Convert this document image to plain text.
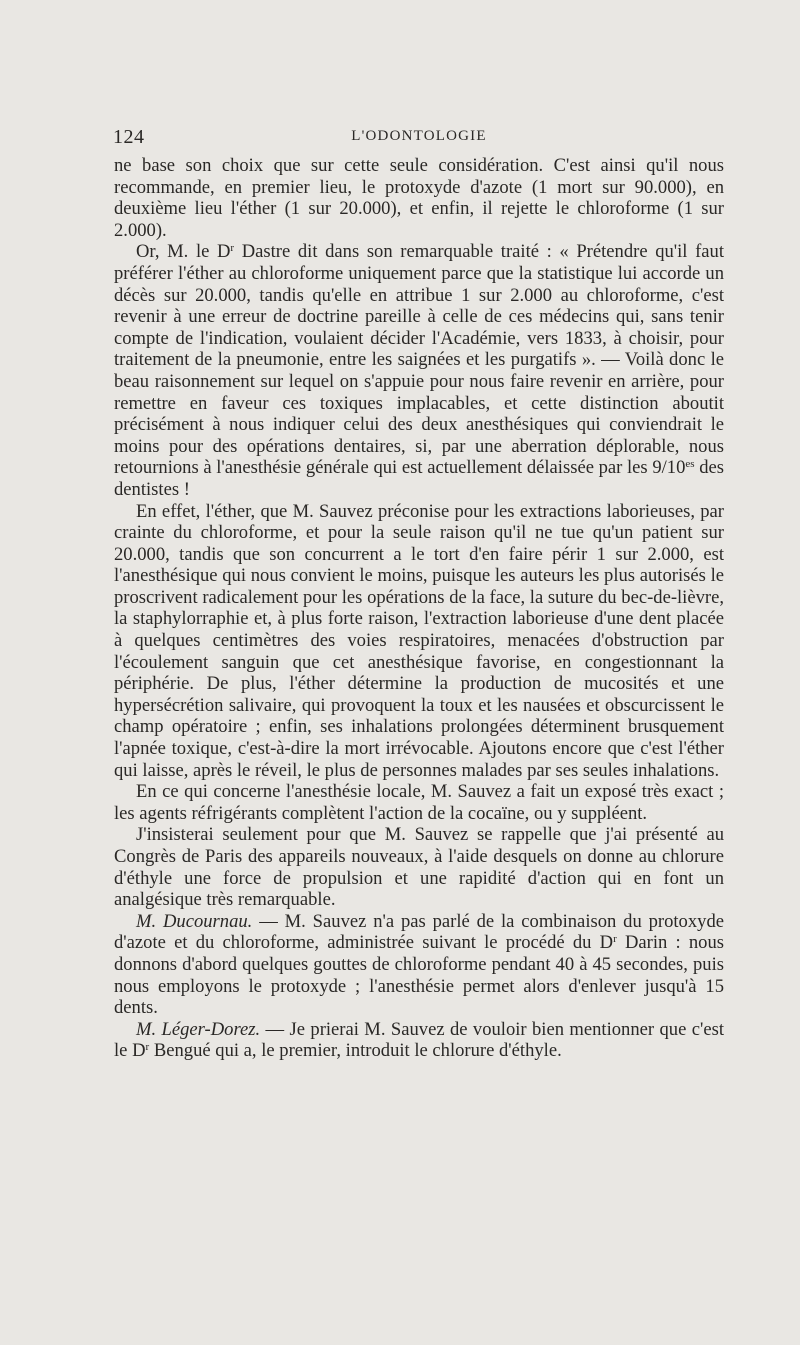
124	L'ODONTOLOGIE

ne base son choix que sur cette seule considération. C'est ainsi qu'il nous recommande, en premier lieu, le protoxyde d'azote (1 mort sur 90.000), en deuxième lieu l'éther (1 sur 20.000), et enfin, il rejette le chloroforme (1 sur 2.000).

Or, M. le $D^r$ Dastre dit dans son remarquable traité : « Prétendre qu'il faut préférer l'éther au chloroforme uniquement parce que la statistique lui accorde un décès sur 20.000, tandis qu'elle en attribue 1 sur 2.000 au chloroforme, c'est revenir à une erreur de doctrine pareille à celle de ces médecins qui, sans tenir compte de l'indication, voulaient décider l'Académie, vers 1833, à choisir, pour traitement de la pneumonie, entre les saignées et les purgatifs ». — Voilà donc le beau raisonnement sur lequel on s'appuie pour nous faire revenir en arrière, pour remettre en faveur ces toxiques implacables, et cette distinction aboutit précisément à nous indiquer celui des deux anesthésiques qui conviendrait le moins pour des opérations dentaires, si, par une aberration déplorable, nous retournions à l'anesthésie générale qui est actuellement délaissée par les $9/10^{es}$ des dentistes !

En effet, l'éther, que M. Sauvez préconise pour les extractions laborieuses, par crainte du chloroforme, et pour la seule raison qu'il ne tue qu'un patient sur 20.000, tandis que son concurrent a le tort d'en faire périr 1 sur 2.000, est l'anesthésique qui nous convient le moins, puisque les auteurs les plus autorisés le proscrivent radicalement pour les opérations de la face, la suture du bec-de-lièvre, la staphylorraphie et, à plus forte raison, l'extraction laborieuse d'une dent placée à quelques centimètres des voies respiratoires, menacées d'obstruction par l'écoulement sanguin que cet anesthésique favorise, en congestionnant la périphérie. De plus, l'éther détermine la production de mucosités et une hypersécrétion salivaire, qui provoquent la toux et les nausées et obscurcissent le champ opératoire ; enfin, ses inhalations prolongées déterminent brusquement l'apnée toxique, c'est-à-dire la mort irrévocable. Ajoutons encore que c'est l'éther qui laisse, après le réveil, le plus de personnes malades par ses seules inhalations.

En ce qui concerne l'anesthésie locale, M. Sauvez a fait un exposé très exact ; les agents réfrigérants complètent l'action de la cocaïne, ou y suppléent.

J'insisterai seulement pour que M. Sauvez se rappelle que j'ai présenté au Congrès de Paris des appareils nouveaux, à l'aide desquels on donne au chlorure d'éthyle une force de propulsion et une rapidité d'action qui en font un analgésique très remarquable.

M. Ducournau. — M. Sauvez n'a pas parlé de la combinaison du protoxyde d'azote et du chloroforme, administrée suivant le procédé du $D^r$ Darin : nous donnons d'abord quelques gouttes de chloroforme pendant 40 à 45 secondes, puis nous employons le protoxyde ; l'anesthésie permet alors d'enlever jusqu'à 15 dents.

M. Léger-Dorez. — Je prierai M. Sauvez de vouloir bien mentionner que c'est le $D^r$ Bengué qui a, le premier, introduit le chlorure d'éthyle.
